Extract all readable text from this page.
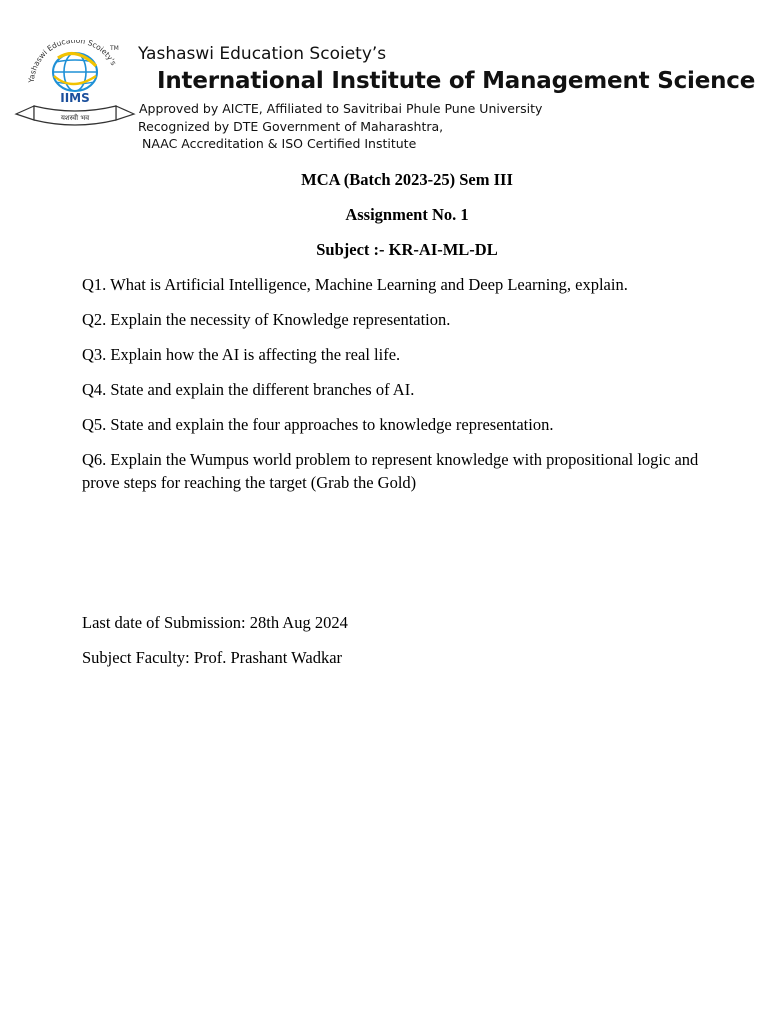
Yashaswi Education Scoiety's
TM
IIMS
यशस्वी भव
Yashaswi Education Scoiety’s
International Institute of Management Science
Approved by AICTE, Affiliated to Savitribai Phule Pune University
Recognized by DTE Government of Maharashtra,
NAAC Accreditation & ISO Certified Institute
MCA (Batch 2023-25) Sem III
Assignment No. 1
Subject :- KR-AI-ML-DL
Q1. What is Artificial Intelligence, Machine Learning and Deep Learning, explain.
Q2. Explain the necessity of Knowledge representation.
Q3. Explain how the AI is affecting the real life.
Q4. State and explain the different branches of AI.
Q5. State and explain the four approaches to knowledge representation.
Q6. Explain the Wumpus world problem to represent knowledge with propositional logic and prove steps for reaching the target (Grab the Gold)
Last date of Submission: 28th Aug 2024
Subject Faculty: Prof. Prashant Wadkar
